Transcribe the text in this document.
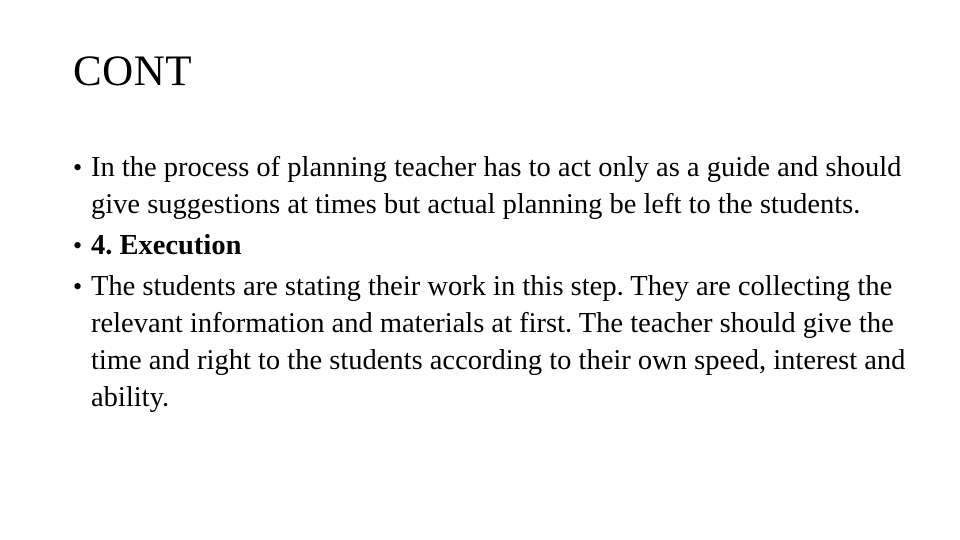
CONT
• In the process of planning teacher has to act only as a guide and should give suggestions at times but actual planning be left to the students.
• 4. Execution
• The students are stating their work in this step. They are collecting the relevant information and materials at first. The teacher should give the time and right to the students according to their own speed, interest and ability.
